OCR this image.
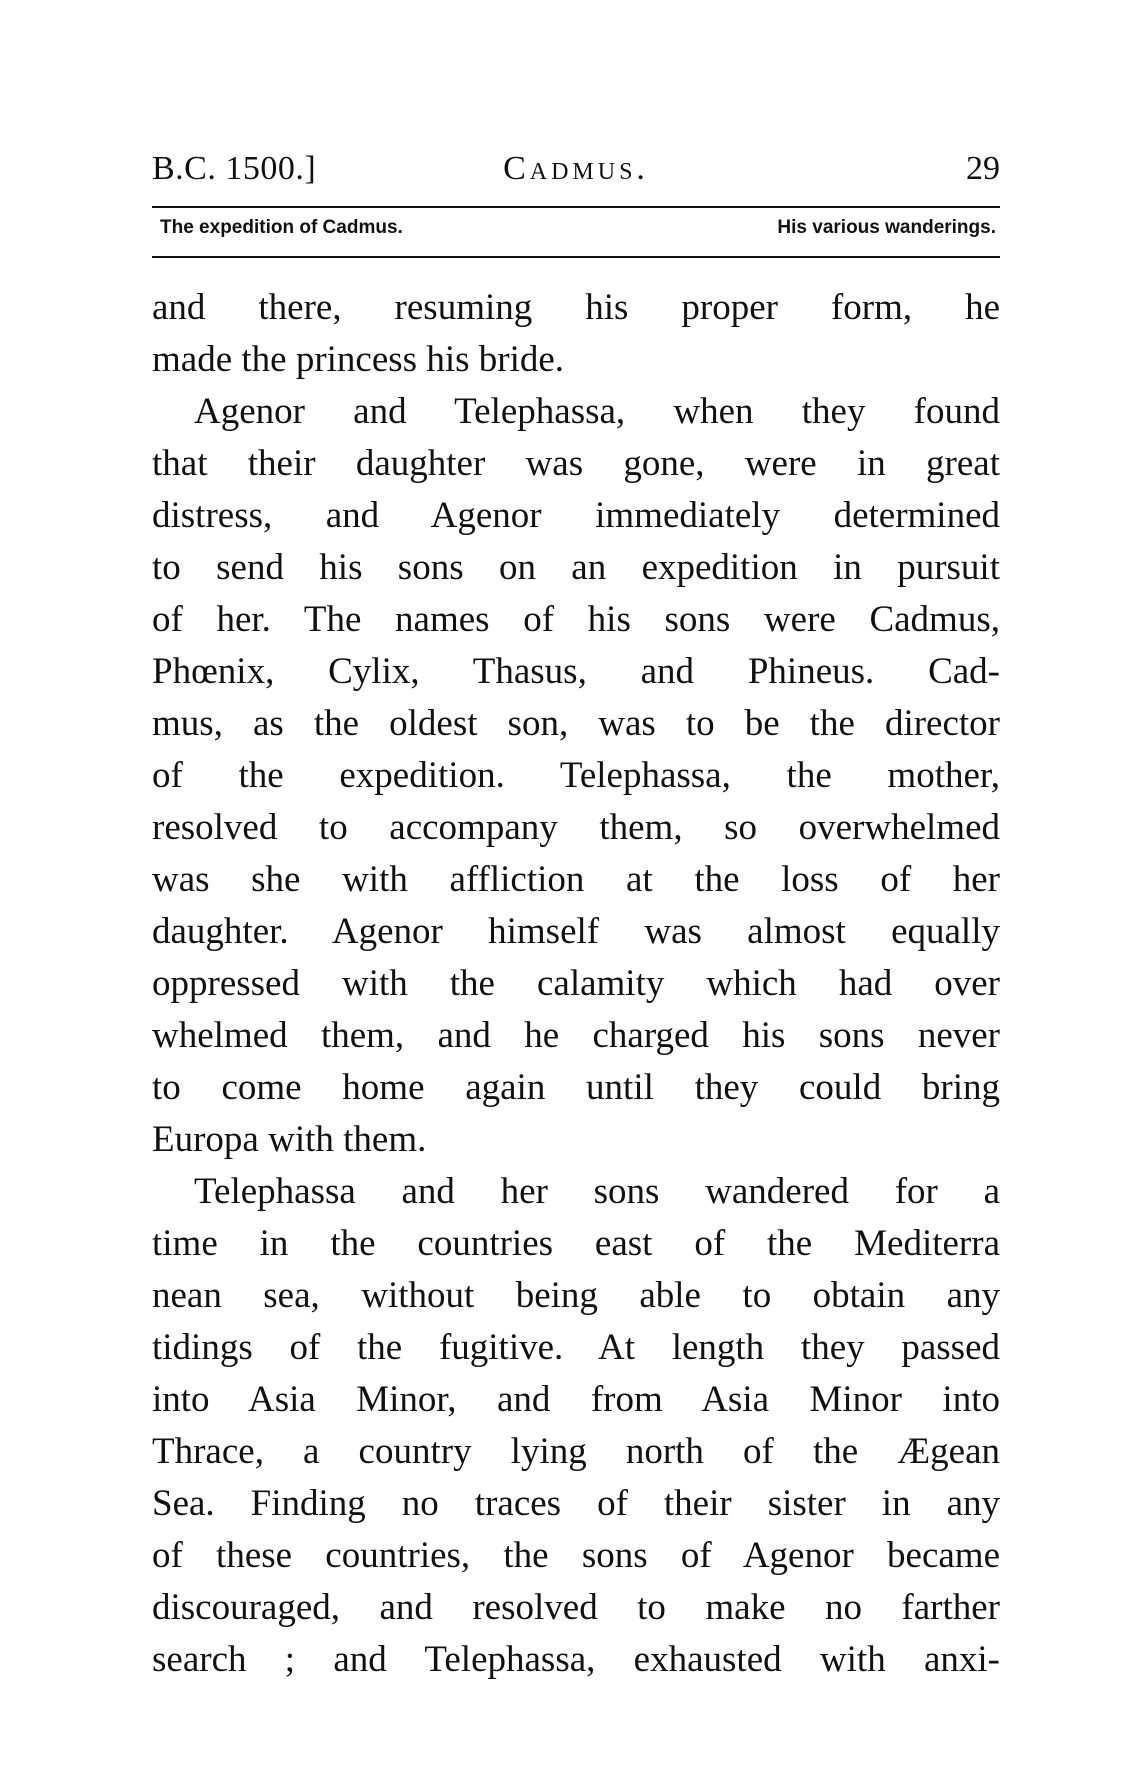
B.C. 1500.]	Cadmus.	29
The expedition of Cadmus.	His various wanderings.
and there, resuming his proper form, he
made the princess his bride.
Agenor and Telephassa, when they found
that their daughter was gone, were in great
distress, and Agenor immediately determined
to send his sons on an expedition in pursuit
of her. The names of his sons were Cadmus,
Phœnix, Cylix, Thasus, and Phineus. Cad-
mus, as the oldest son, was to be the director
of the expedition. Telephassa, the mother,
resolved to accompany them, so overwhelmed
was she with affliction at the loss of her
daughter. Agenor himself was almost equally
oppressed with the calamity which had over
whelmed them, and he charged his sons never
to come home again until they could bring
Europa with them.
Telephassa and her sons wandered for a
time in the countries east of the Mediterra
nean sea, without being able to obtain any
tidings of the fugitive. At length they passed
into Asia Minor, and from Asia Minor into
Thrace, a country lying north of the Ægean
Sea. Finding no traces of their sister in any
of these countries, the sons of Agenor became
discouraged, and resolved to make no farther
search ; and Telephassa, exhausted with anxi-
